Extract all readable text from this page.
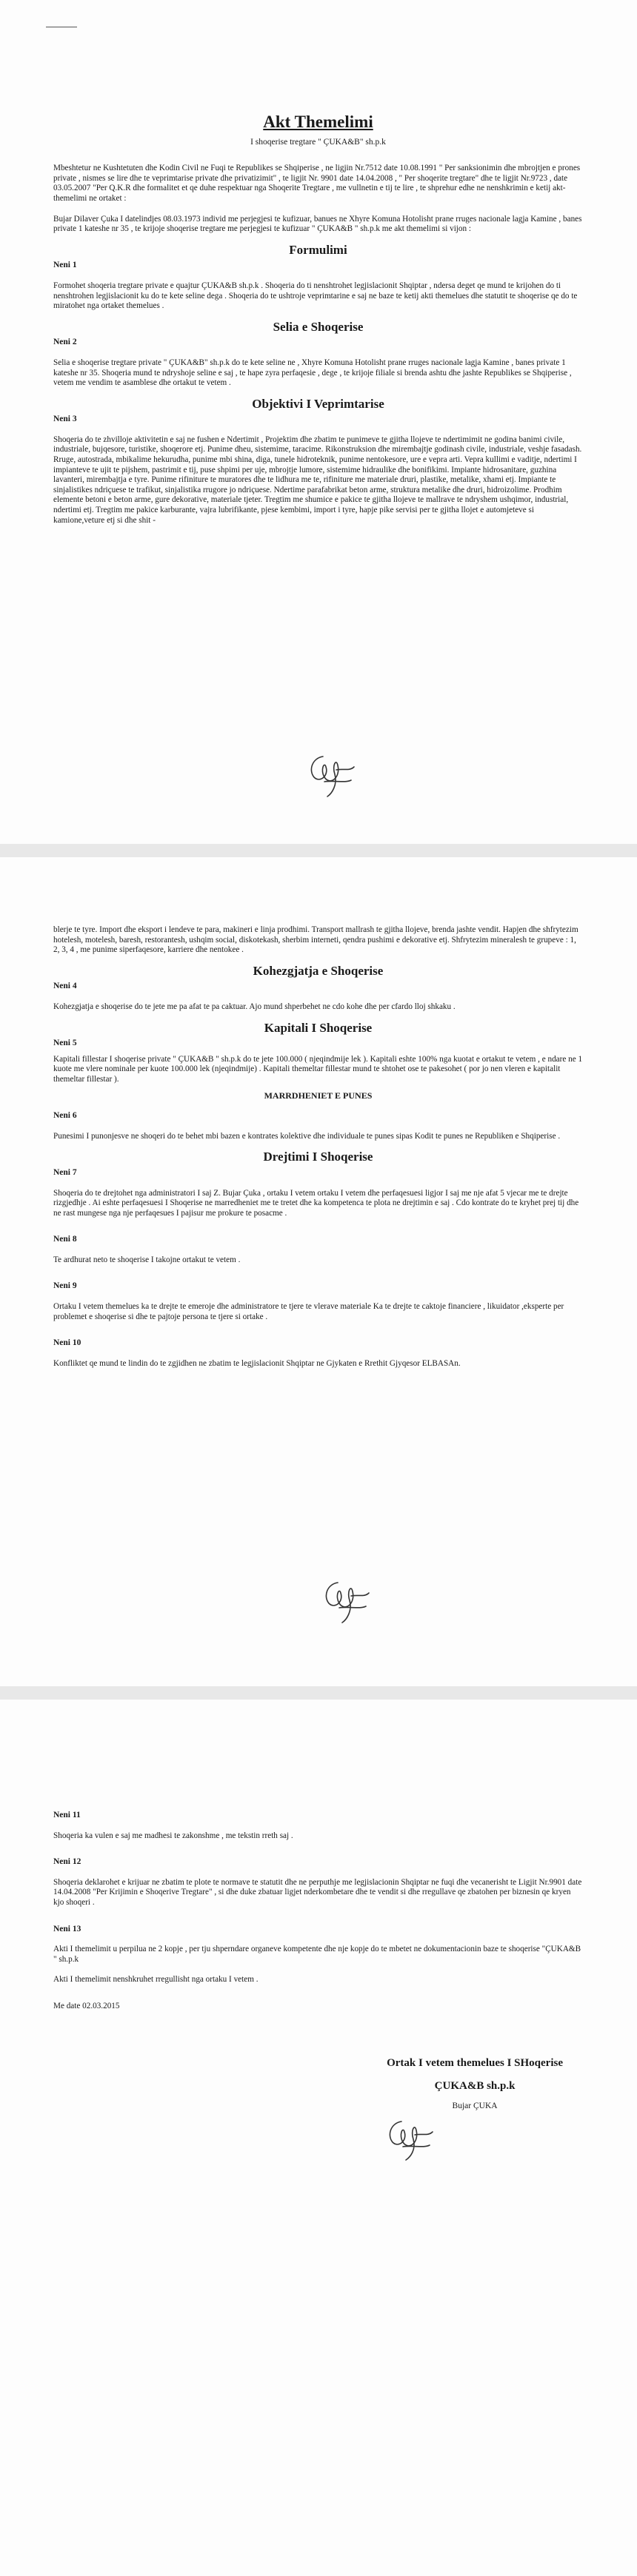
Akt Themelimi

I shoqerise tregtare " ÇUKA&B" sh.p.k

Mbeshtetur ne Kushtetuten dhe Kodin Civil ne Fuqi te Republikes se Shqiperise , ne ligjin Nr.7512 date 10.08.1991 " Per sanksionimin dhe mbrojtjen e prones private , nismes se lire dhe te veprimtarise private dhe privatizimit" , te ligjit Nr. 9901 date 14.04.2008 , " Per shoqerite tregtare" dhe te ligjit Nr.9723 , date 03.05.2007 "Per Q.K.R dhe formalitet et qe duhe respektuar nga Shoqerite Tregtare , me vullnetin e tij te lire , te shprehur edhe ne nenshkrimin e ketij akt-themelimi ne ortaket :

Bujar Dilaver Çuka I datelindjes 08.03.1973 individ me perjegjesi te kufizuar, banues ne Xhyre Komuna Hotolisht prane rruges nacionale lagja Kamine , banes private 1 kateshe nr 35 , te krijoje shoqerise tregtare me perjegjesi te kufizuar " ÇUKA&B " sh.p.k me akt themelimi si vijon :

Formulimi

Neni 1

Formohet shoqeria tregtare private e quajtur ÇUKA&B sh.p.k . Shoqeria do ti nenshtrohet legjislacionit Shqiptar , ndersa deget qe mund te krijohen do ti nenshtrohen legjislacionit ku do te kete seline dega . Shoqeria do te ushtroje veprimtarine e saj ne baze te ketij akti themelues dhe statutit te shoqerise qe do te miratohet nga ortaket themelues .

Selia e Shoqerise

Neni 2

Selia e shoqerise tregtare private " ÇUKA&B" sh.p.k do te kete seline ne , Xhyre Komuna Hotolisht prane rruges nacionale lagja Kamine , banes private 1 kateshe nr 35. Shoqeria mund te ndryshoje seline e saj , te hape zyra perfaqesie , dege , te krijoje filiale si brenda ashtu dhe jashte Republikes se Shqiperise , vetem me vendim te asamblese dhe ortakut te vetem .

Objektivi I Veprimtarise

Neni 3

Shoqeria do te zhvilloje aktivitetin e saj ne fushen e Ndertimit , Projektim dhe zbatim te punimeve te gjitha llojeve te ndertimimit ne godina banimi civile, industriale, bujqesore, turistike, shoqerore etj. Punime dheu, sistemime, taracime. Rikonstruksion dhe mirembajtje godinash civile, industriale, veshje fasadash. Rruge, autostrada, mbikalime hekurudha, punime mbi shina, diga, tunele hidroteknik, punime nentokesore, ure e vepra arti. Vepra kullimi e vaditje, ndertimi I impianteve te ujit te pijshem, pastrimit e tij, puse shpimi per uje, mbrojtje lumore, sistemime hidraulike dhe bonifikimi. Impiante hidrosanitare, guzhina lavanteri, mirembajtja e tyre. Punime rifiniture te muratores dhe te lidhura me te, rifiniture me materiale druri, plastike, metalike, xhami etj. Impiante te sinjalistikes ndriçuese te trafikut, sinjalistika rrugore jo ndriçuese. Ndertime parafabrikat beton arme, struktura metalike dhe druri, hidroizolime. Prodhim elemente betoni e beton arme, gure dekorative, materiale tjeter. Tregtim me shumice e pakice te gjitha llojeve te mallrave te ndryshem ushqimor, industrial, ndertimi etj. Tregtim me pakice karburante, vajra lubrifikante, pjese kembimi, import i tyre, hapje pike servisi per te gjitha llojet e automjeteve si kamione,veture etj si dhe shit -

blerje te tyre. Import dhe eksport i lendeve te para, makineri e linja prodhimi. Transport mallrash te gjitha llojeve, brenda jashte vendit. Hapjen dhe shfrytezim hotelesh, motelesh, baresh, restorantesh, ushqim social, diskotekash, sherbim interneti, qendra pushimi e dekorative etj. Shfrytezim mineralesh te grupeve : 1, 2, 3, 4 , me punime siperfaqesore, karriere dhe nentokee .

Kohezgjatja e Shoqerise

Neni 4

Kohezgjatja e shoqerise do te jete me pa afat te pa caktuar. Ajo mund shperbehet ne cdo kohe dhe per cfardo lloj shkaku .

Kapitali I Shoqerise

Neni 5

Kapitali fillestar I shoqerise private " ÇUKA&B " sh.p.k do te jete 100.000 ( njeqindmije lek ). Kapitali eshte 100% nga kuotat e ortakut te vetem , e ndare ne 1 kuote me vlere nominale per kuote 100.000 lek (njeqindmije) . Kapitali themeltar fillestar mund te shtohet ose te pakesohet ( por jo nen vleren e kapitalit themeltar fillestar ).

MARRDHENIET E PUNES

Neni 6

Punesimi I punonjesve ne shoqeri do te behet mbi bazen e kontrates kolektive dhe individuale te punes sipas Kodit te punes ne Republiken e Shqiperise .

Drejtimi I Shoqerise

Neni 7

Shoqeria do te drejtohet nga administratori I saj Z. Bujar Çuka , ortaku I vetem ortaku I vetem dhe perfaqesuesi ligjor I saj me nje afat 5 vjecar me te drejte rizgjedhje . Ai eshte perfaqesuesi I Shoqerise ne marredheniet me te tretet dhe ka kompetenca te plota ne drejtimin e saj . Cdo kontrate do te kryhet prej tij dhe ne rast mungese nga nje perfaqesues I pajisur me prokure te posacme .

Neni 8

Te ardhurat neto te shoqerise I takojne ortakut te vetem .

Neni 9

Ortaku I vetem themelues ka te drejte te emeroje dhe administratore te tjere te vlerave materiale Ka te drejte te caktoje financiere , likuidator ,eksperte per problemet e shoqerise si dhe te pajtoje persona te tjere si ortake .

Neni 10

Konfliktet qe mund te lindin do te zgjidhen ne zbatim te legjislacionit Shqiptar ne Gjykaten e Rrethit Gjyqesor ELBASAn.

Neni 11

Shoqeria ka vulen e saj me madhesi te zakonshme , me tekstin rreth saj .

Neni 12

Shoqeria deklarohet e krijuar ne zbatim te plote te normave te statutit dhe ne perputhje me legjislacionin Shqiptar ne fuqi dhe vecanerisht te Ligjit Nr.9901 date 14.04.2008 "Per Krijimin e Shoqerive Tregtare" , si dhe duke zbatuar ligjet nderkombetare dhe te vendit si dhe rregullave qe zbatohen per biznesin qe kryen kjo shoqeri .

Neni 13

Akti I themelimit u perpilua ne 2 kopje , per tju shperndare organeve kompetente dhe nje kopje do te mbetet ne dokumentacionin baze te shoqerise "ÇUKA&B " sh.p.k

Akti I themelimit nenshkruhet rregullisht nga ortaku I vetem .

Me date 02.03.2015

Ortak I vetem themelues I SHoqerise
ÇUKA&B sh.p.k
Bujar ÇUKA
